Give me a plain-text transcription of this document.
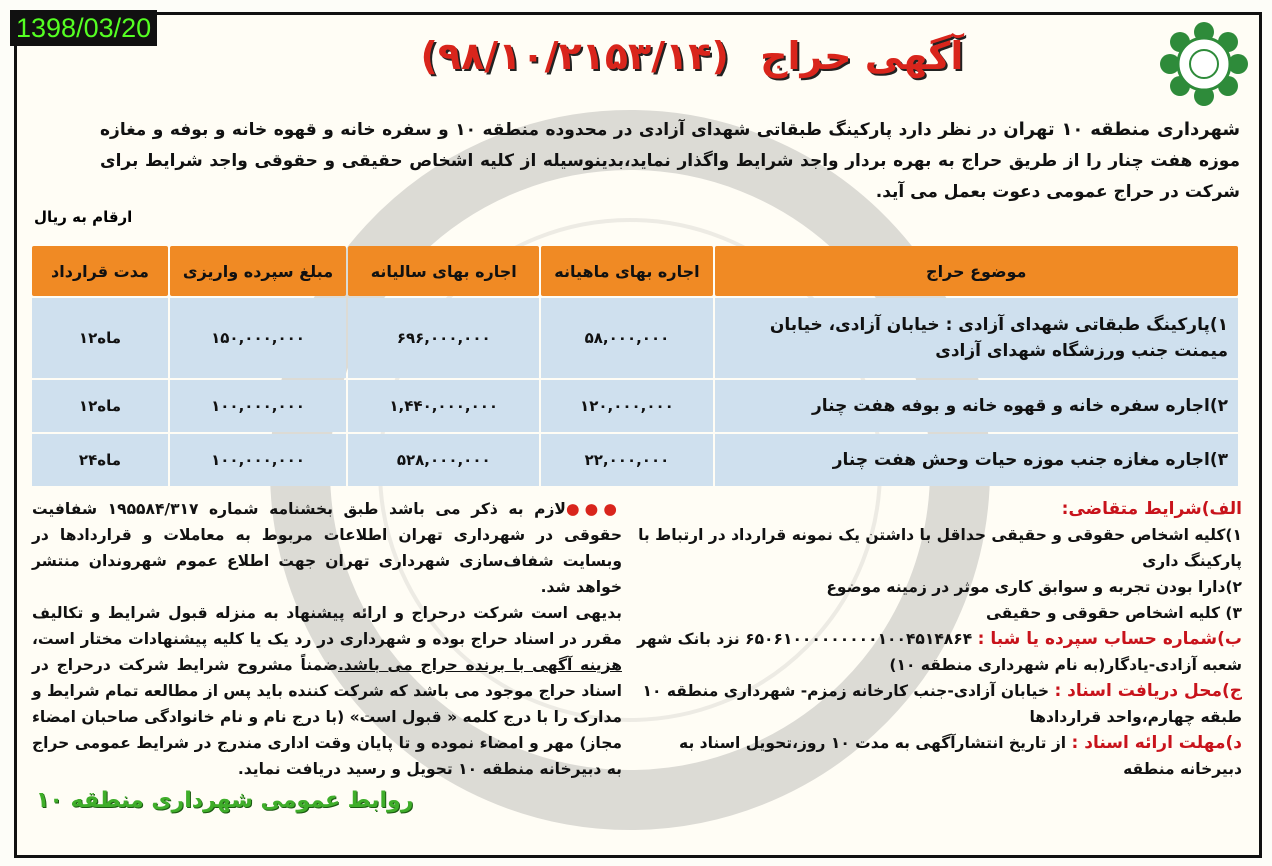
1398/03/20
آگهی حراج (۹۸/۱۰/۲۱۵۳/۱۴)
شهرداری منطقه ۱۰ تهران در نظر دارد پارکینگ طبقاتی شهدای آزادی در محدوده منطقه ۱۰ و سفره خانه و قهوه خانه و بوفه و مغازه موزه هفت چنار را از طریق حراج به بهره بردار واجد شرایط واگذار نماید،بدینوسیله از کلیه اشخاص حقیقی و حقوقی واجد شرایط برای شرکت در حراج عمومی دعوت بعمل می آید.
ارقام به ریال
موضوع حراج	اجاره بهای ماهیانه	اجاره بهای سالیانه	مبلغ سپرده واریزی	مدت قرارداد
۱)پارکینگ طبقاتی شهدای آزادی : خیابان آزادی، خیابان میمنت جنب ورزشگاه شهدای آزادی	۵۸,۰۰۰,۰۰۰	۶۹۶,۰۰۰,۰۰۰	۱۵۰,۰۰۰,۰۰۰	۱۲ماه
۲)اجاره سفره خانه و قهوه خانه و بوفه هفت چنار	۱۲۰,۰۰۰,۰۰۰	۱,۴۴۰,۰۰۰,۰۰۰	۱۰۰,۰۰۰,۰۰۰	۱۲ماه
۳)اجاره مغازه جنب موزه حیات وحش هفت چنار	۲۲,۰۰۰,۰۰۰	۵۲۸,۰۰۰,۰۰۰	۱۰۰,۰۰۰,۰۰۰	۲۴ماه

الف)شرایط متقاضی:

۱)کلیه اشخاص حقوقی و حقیقی حداقل با داشتن یک نمونه قرارداد در ارتباط با پارکینگ داری

۲)دارا بودن تجربه و سوابق کاری موثر در زمینه موضوع

۳) کلیه اشخاص حقوقی و حقیقی

ب)شماره حساب سپرده یا شبا : ۶۵۰۶۱۰۰۰۰۰۰۰۰۰۱۰۰۴۵۱۴۸۶۴ نزد بانک شهر شعبه آزادی-یادگار(به نام شهرداری منطقه ۱۰)

ج)محل دریافت اسناد : خیابان آزادی-جنب کارخانه زمزم- شهرداری منطقه ۱۰ طبقه چهارم،واحد قراردادها

د)مهلت ارائه اسناد : از تاریخ انتشارآگهی به مدت ۱۰ روز،تحویل اسناد به دبیرخانه منطقه

●●●لازم به ذکر می باشد طبق بخشنامه شماره ۱۹۵۵۸۴/۳۱۷ شفافیت حقوقی در شهرداری تهران اطلاعات مربوط به معاملات و قراردادها در وبسایت شفاف‌سازی شهرداری تهران جهت اطلاع عموم شهروندان منتشر خواهد شد.
بدیهی است شرکت درحراج و ارائه پیشنهاد به منزله قبول شرایط و تکالیف مقرر در اسناد حراج بوده و شهرداری در رد یک یا کلیه پیشنهادات مختار است، هزینه آگهی با برنده حراج می باشد.ضمناً مشروح شرایط شرکت درحراج در اسناد حراج موجود می باشد که شرکت کننده باید پس از مطالعه تمام شرایط و مدارک را با درج کلمه « قبول است» (با درج نام و نام خانوادگی صاحبان امضاء مجاز) مهر و امضاء نموده و تا پایان وقت اداری مندرج در شرایط عمومی حراج به دبیرخانه منطقه ۱۰ تحویل و رسید دریافت نماید.
روابط عمومی شهرداری منطقه ۱۰
